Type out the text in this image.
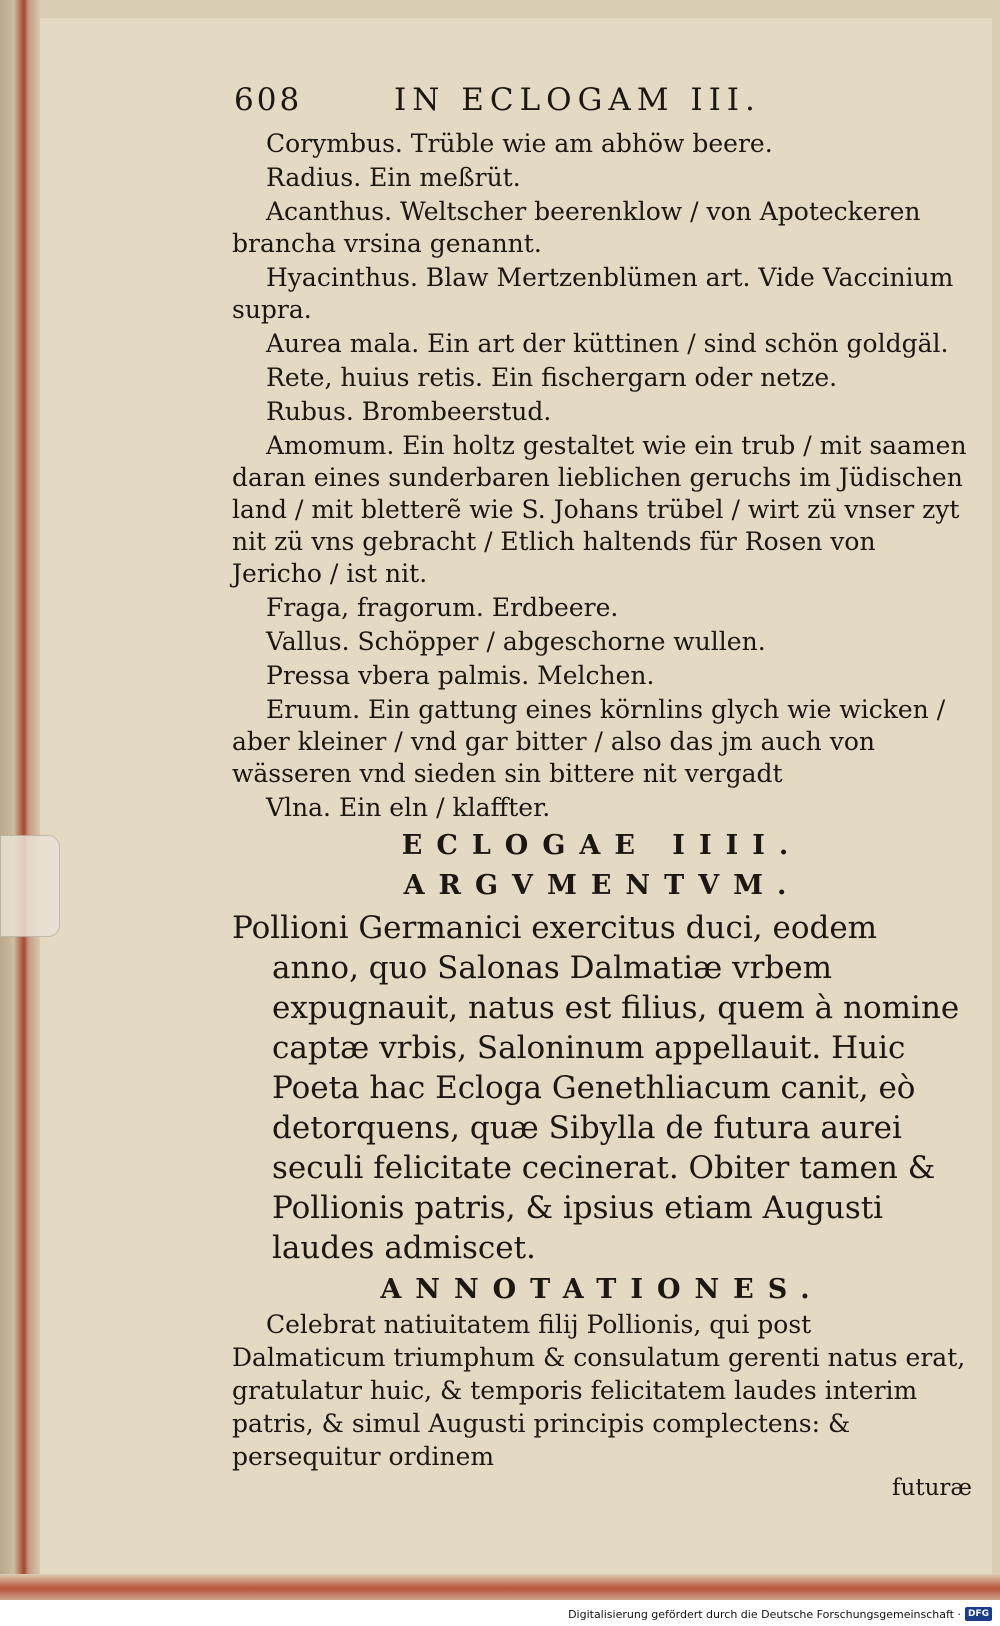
608	IN ECLOGAM III.

Corymbus. Trüble wie am abhöw beere.

Radius. Ein meßrüt.

Acanthus. Weltscher beerenklow / von Apoteckeren brancha vrsina genannt.

Hyacinthus. Blaw Mertzenblümen art. Vide Vaccinium supra.

Aurea mala. Ein art der küttinen / sind schön goldgäl.

Rete, huius retis. Ein fischergarn oder netze.

Rubus. Brombeerstud.

Amomum. Ein holtz gestaltet wie ein trub / mit saamen daran eines sunderbaren lieblichen geruchs im Jüdischen land / mit bletterẽ wie S. Johans trübel / wirt zü vnser zyt nit zü vns gebracht / Etlich haltends für Rosen von Jericho / ist nit.

Fraga, fragorum. Erdbeere.

Vallus. Schöpper / abgeschorne wullen.

Pressa vbera palmis. Melchen.

Eruum. Ein gattung eines körnlins glych wie wicken / aber kleiner / vnd gar bitter / also das jm auch von wässeren vnd sieden sin bittere nit vergadt

Vlna. Ein eln / klaffter.

ECLOGAE IIII.
ARGVMENTVM.

Pollioni Germanici exercitus duci, eodem anno, quo Salonas Dalmatiæ vrbem expugnauit, natus est filius, quem à nomine captæ vrbis, Saloninum appellauit. Huic Poeta hac Ecloga Genethliacum canit, eò detorquens, quæ Sibylla de futura aurei seculi felicitate cecinerat. Obiter tamen & Pollionis patris, & ipsius etiam Augusti laudes admiscet.

ANNOTATIONES.

Celebrat natiuitatem filij Pollionis, qui post Dalmaticum triumphum & consulatum gerenti natus erat, gratulatur huic, & temporis felicitatem laudes interim patris, & simul Augusti principis complectens: & persequitur ordinem

futuræ

Digitalisierung gefördert durch die Deutsche Forschungsgemeinschaft · DFG
